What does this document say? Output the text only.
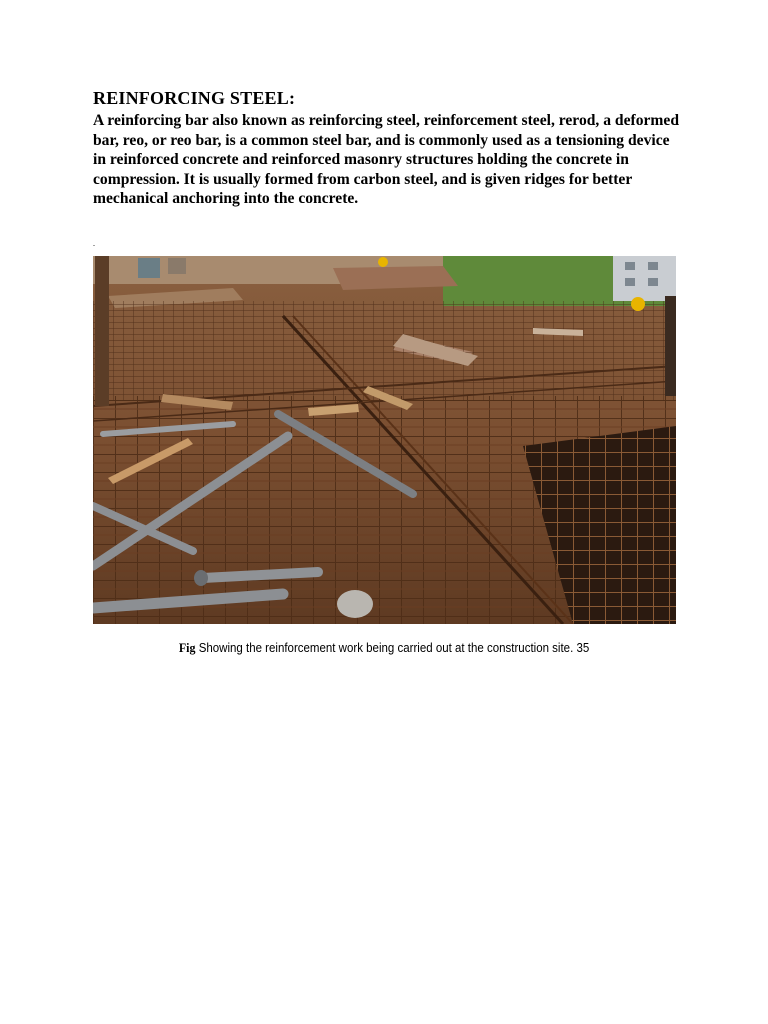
REINFORCING STEEL:

A reinforcing bar also known as reinforcing steel, reinforcement steel, rerod, a deformed bar, reo, or reo bar, is a common steel bar, and is commonly used as a tensioning device in reinforced concrete and reinforced masonry structures holding the concrete in compression. It is usually formed from carbon steel, and is given ridges for better mechanical anchoring into the concrete.

.
Fig Showing the reinforcement work being carried out at the construction site. 35
